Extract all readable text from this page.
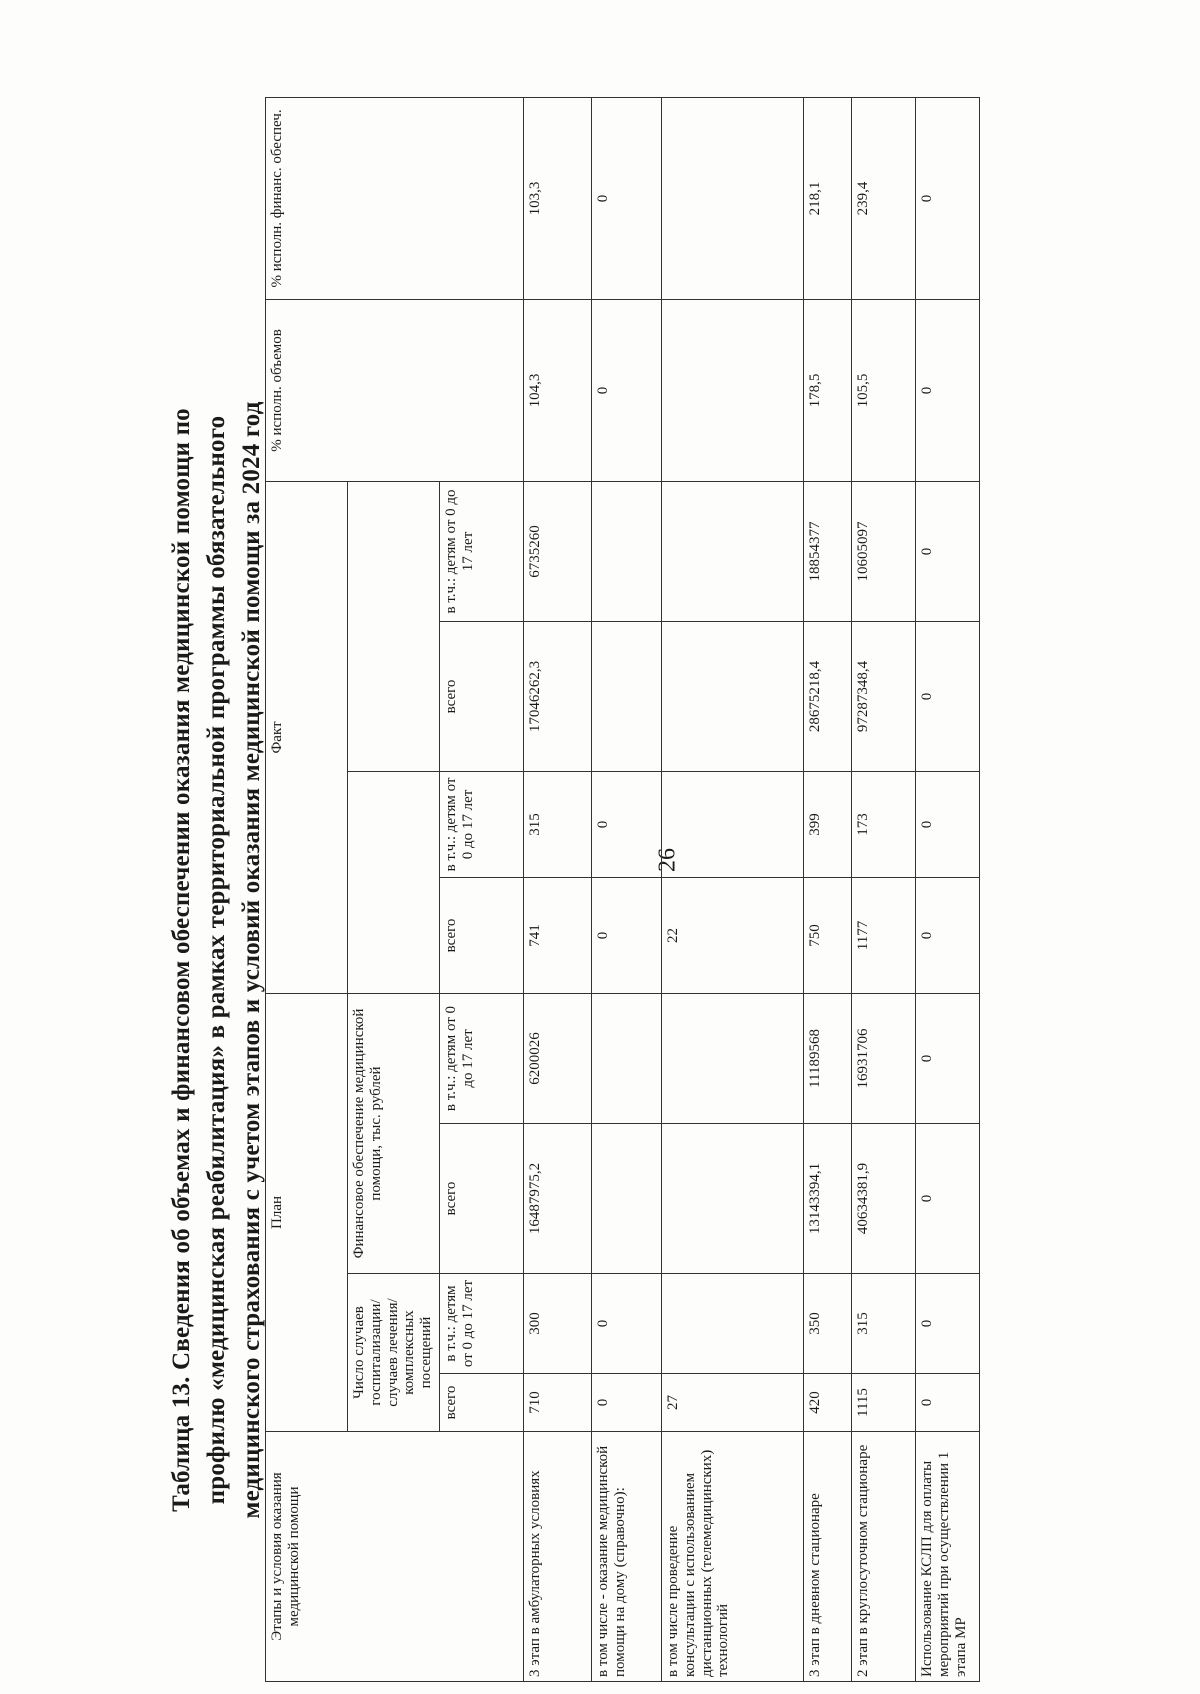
26
Таблица 13. Сведения об объемах и финансовом обеспечении оказания медицинской помощи по профилю «медицинская реабилитация» в рамках территориальной программы обязательного медицинского страхования с учетом этапов и условий оказания медицинской помощи за 2024 год
Этапы и условия оказания медицинской помощи	План				Факт				% исполн. объемов	% исполн. финанс. обеспеч.
	Число случаев госпитализации/ случаев лечения/ комплексных посещений		Финансовое обеспечение медицинской помощи, тыс. рублей							
	всего	в т.ч.: детям от 0 до 17 лет	всего	в т.ч.: детям от 0 до 17 лет	всего	в т.ч.: детям от 0 до 17 лет	всего	в т.ч.: детям от 0 до 17 лет		
3 этап в амбулаторных условиях	710	300	16487975,2	6200026	741	315	17046262,3	6735260	104,3	103,3
в том числе - оказание медицинской помощи на дому (справочно):	0	0			0	0			0	0
в том числе проведение консультации с использованием дистанционных (телемедицинских) технологий	27				22					
3 этап в дневном стационаре	420	350	13143394,1	11189568	750	399	28675218,4	18854377	178,5	218,1
2 этап в круглосуточном стационаре	1115	315	40634381,9	16931706	1177	173	97287348,4	10605097	105,5	239,4
Использование КСЛП для оплаты мероприятий при осуществлении 1 этапа МР	0	0	0	0	0	0	0	0	0	0
